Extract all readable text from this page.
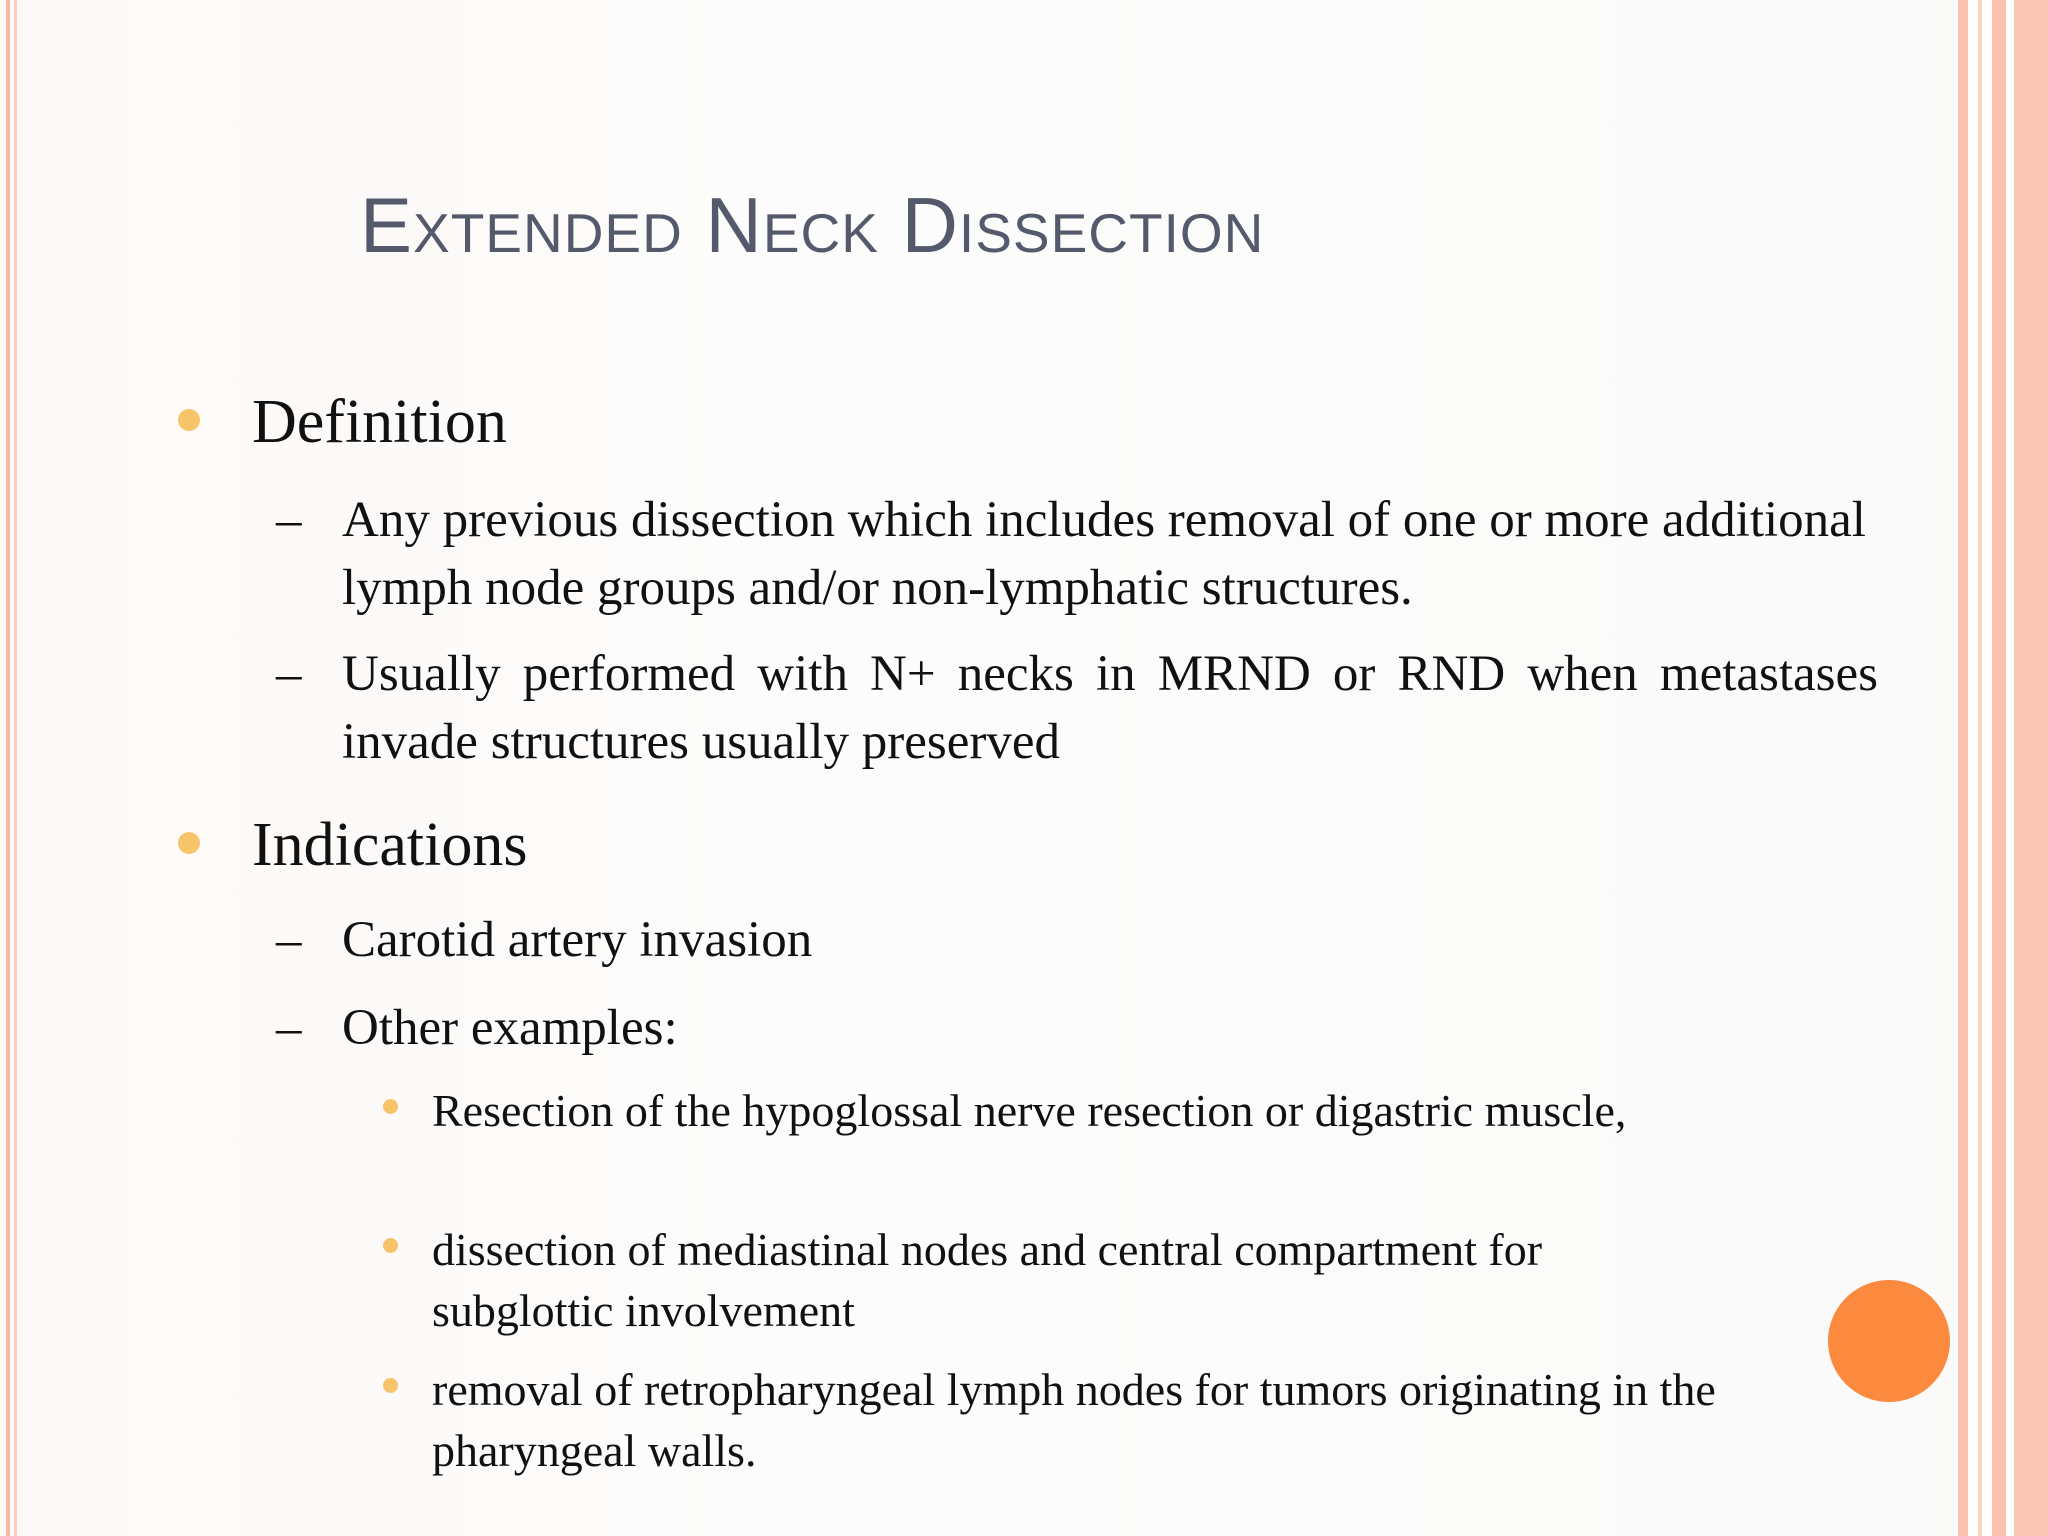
Extended Neck Dissection
Definition
– Any previous dissection which includes removal of one or more additional lymph node groups and/or non-lymphatic structures.
– Usually performed with N+ necks in MRND or RND when metastases invade structures usually preserved
Indications
– Carotid artery invasion
– Other examples:
Resection of the hypoglossal nerve resection or digastric muscle,
dissection of mediastinal nodes and central compartment for subglottic involvement
removal of retropharyngeal lymph nodes for tumors originating in the pharyngeal walls.
